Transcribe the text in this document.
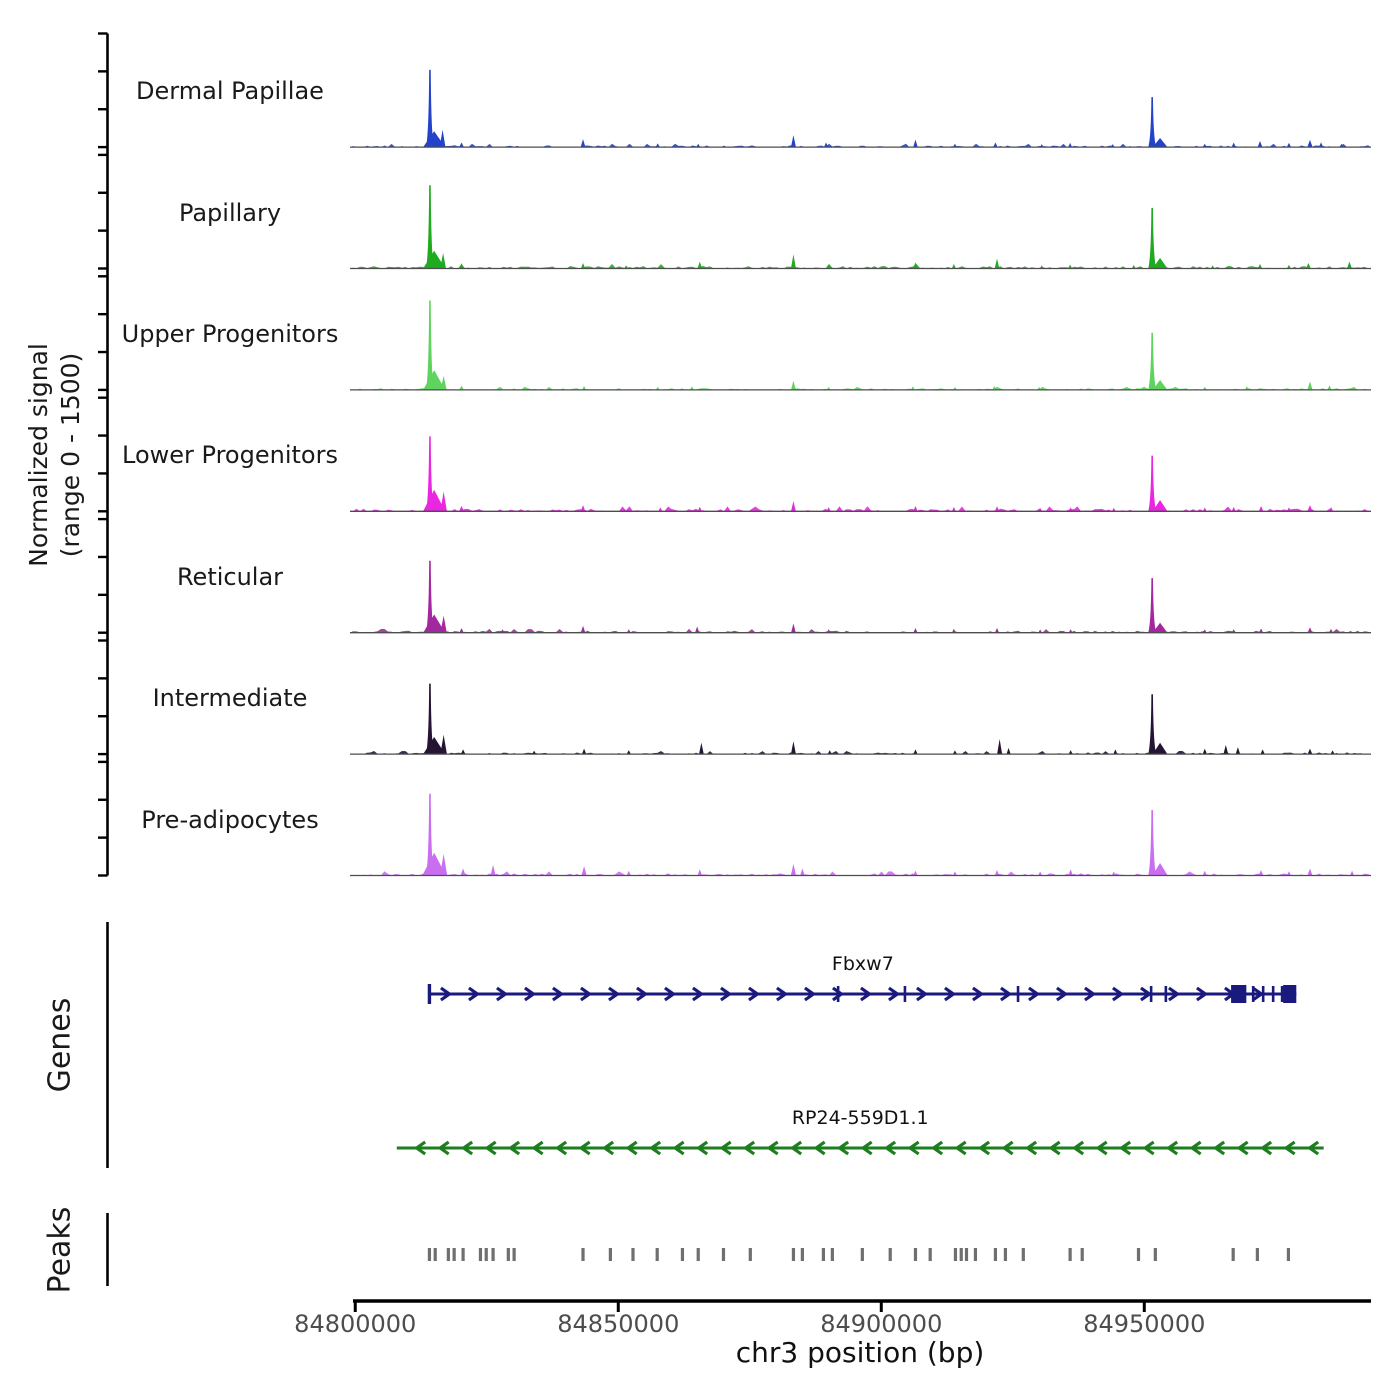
Normalized signal (range 0 - 1500)
Dermal Papillae
Papillary
Upper Progenitors
Lower Progenitors
Reticular
Intermediate
Pre-adipocytes
Genes
Peaks
Fbxw7
RP24-559D1.1
84800000	84850000	84900000	84950000
chr3 position (bp)
